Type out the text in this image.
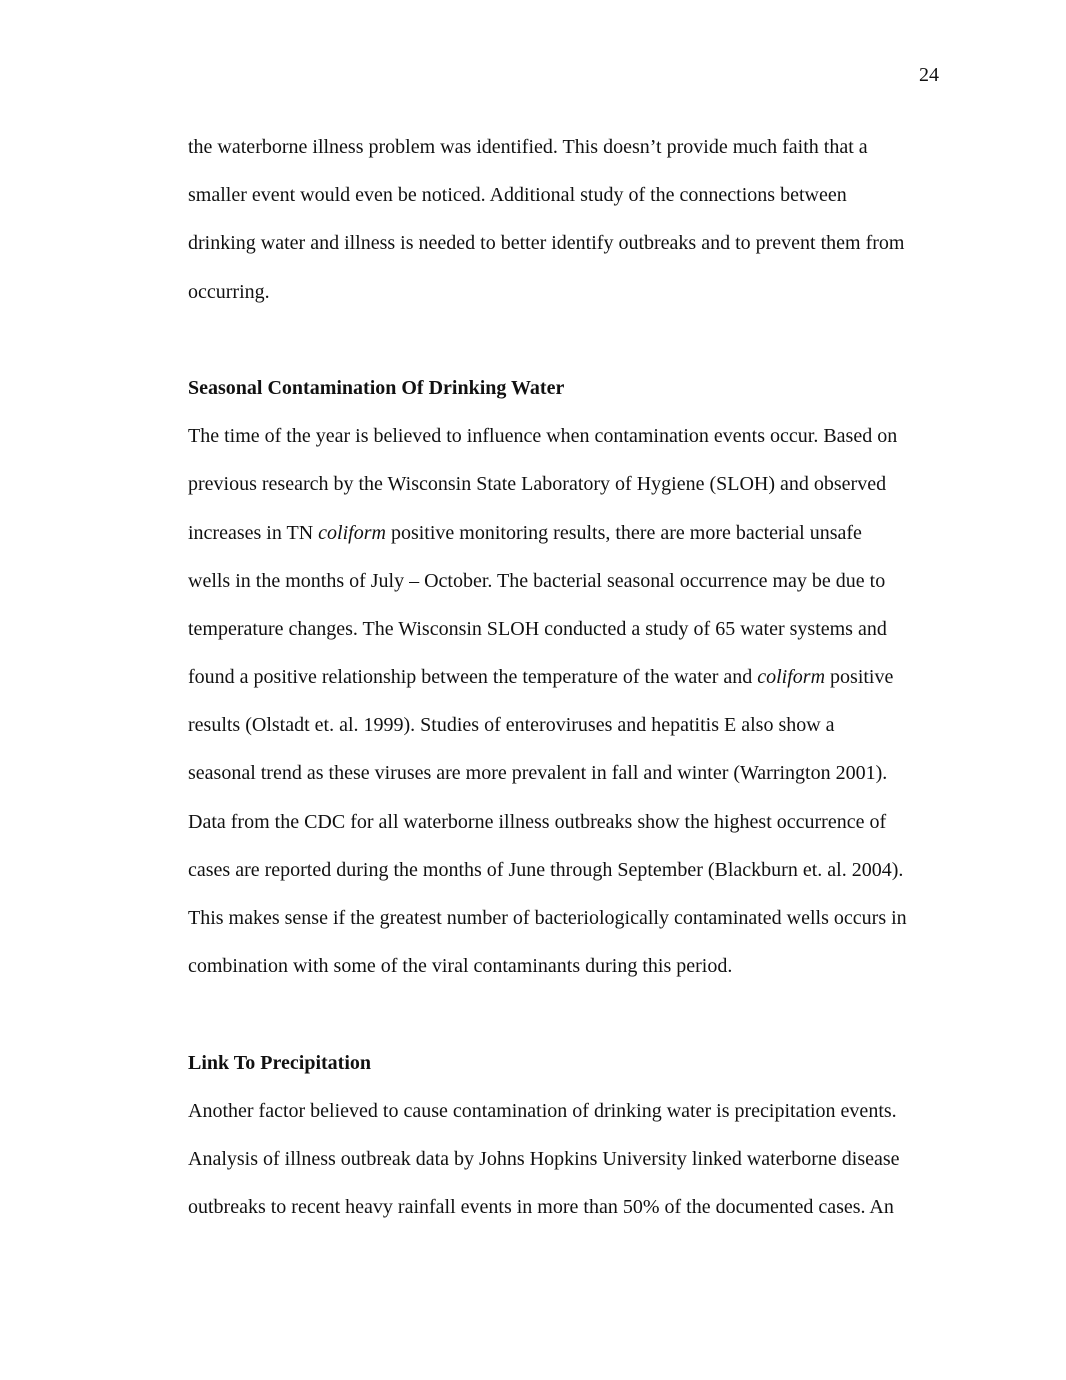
24
the waterborne illness problem was identified. This doesn’t provide much faith that a
smaller event would even be noticed. Additional study of the connections between
drinking water and illness is needed to better identify outbreaks and to prevent them from
occurring.
Seasonal Contamination Of Drinking Water
The time of the year is believed to influence when contamination events occur. Based on
previous research by the Wisconsin State Laboratory of Hygiene (SLOH) and observed
increases in TN coliform positive monitoring results, there are more bacterial unsafe
wells in the months of July – October. The bacterial seasonal occurrence may be due to
temperature changes. The Wisconsin SLOH conducted a study of 65 water systems and
found a positive relationship between the temperature of the water and coliform positive
results (Olstadt et. al. 1999). Studies of enteroviruses and hepatitis E also show a
seasonal trend as these viruses are more prevalent in fall and winter (Warrington 2001).
Data from the CDC for all waterborne illness outbreaks show the highest occurrence of
cases are reported during the months of June through September (Blackburn et. al. 2004).
This makes sense if the greatest number of bacteriologically contaminated wells occurs in
combination with some of the viral contaminants during this period.
Link To Precipitation
Another factor believed to cause contamination of drinking water is precipitation events.
Analysis of illness outbreak data by Johns Hopkins University linked waterborne disease
outbreaks to recent heavy rainfall events in more than 50% of the documented cases. An
